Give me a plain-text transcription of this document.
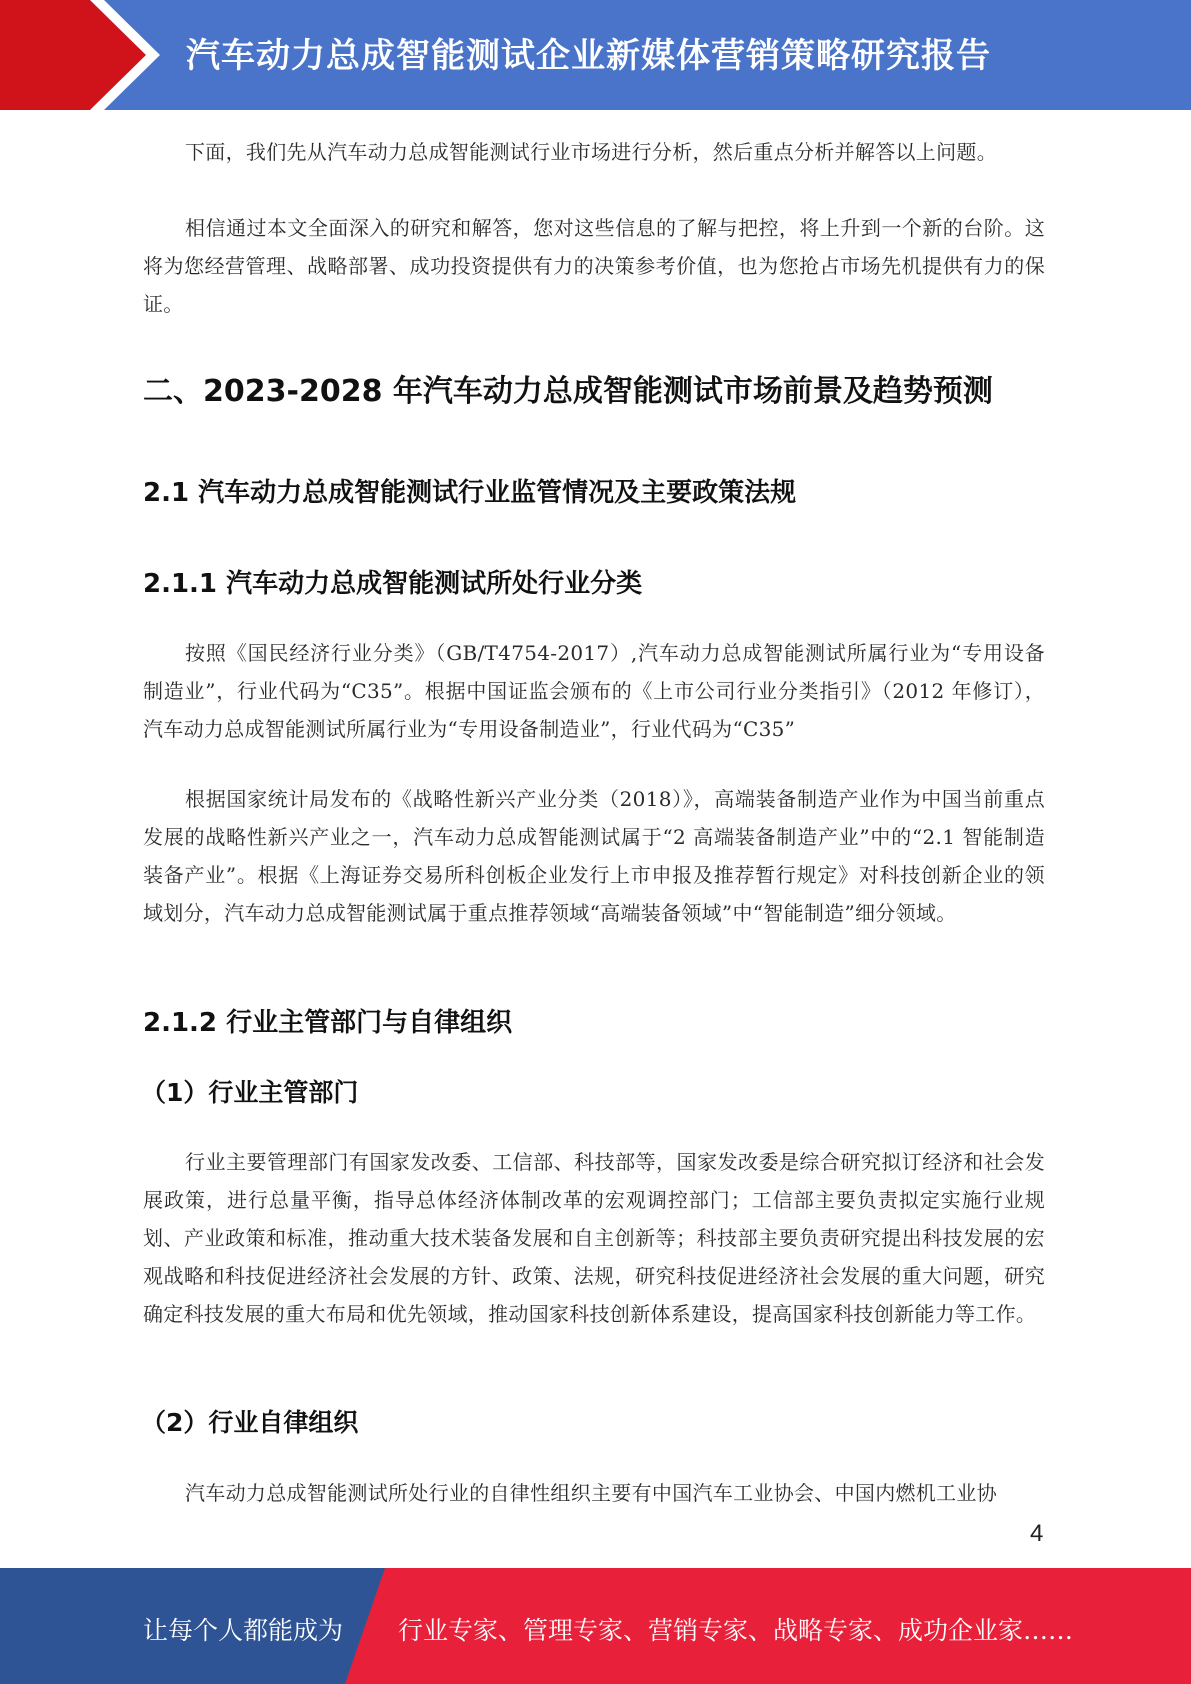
汽车动力总成智能测试企业新媒体营销策略研究报告
下面，我们先从汽车动力总成智能测试行业市场进行分析，然后重点分析并解答以上问题。
相信通过本文全面深入的研究和解答，您对这些信息的了解与把控，将上升到一个新的台阶。这将为您经营管理、战略部署、成功投资提供有力的决策参考价值，也为您抢占市场先机提供有力的保证。
二、2023-2028 年汽车动力总成智能测试市场前景及趋势预测
2.1 汽车动力总成智能测试行业监管情况及主要政策法规
2.1.1 汽车动力总成智能测试所处行业分类
按照《国民经济行业分类》（GB/T4754-2017）,汽车动力总成智能测试所属行业为“专用设备制造业”，行业代码为“C35”。根据中国证监会颁布的《上市公司行业分类指引》（2012 年修订），汽车动力总成智能测试所属行业为“专用设备制造业”，行业代码为“C35”
根据国家统计局发布的《战略性新兴产业分类（2018）》，高端装备制造产业作为中国当前重点发展的战略性新兴产业之一，汽车动力总成智能测试属于“2 高端装备制造产业”中的“2.1 智能制造装备产业”。根据《上海证券交易所科创板企业发行上市申报及推荐暂行规定》对科技创新企业的领域划分，汽车动力总成智能测试属于重点推荐领域“高端装备领域”中“智能制造”细分领域。
2.1.2 行业主管部门与自律组织
（1）行业主管部门
行业主要管理部门有国家发改委、工信部、科技部等，国家发改委是综合研究拟订经济和社会发展政策，进行总量平衡，指导总体经济体制改革的宏观调控部门；工信部主要负责拟定实施行业规划、产业政策和标准，推动重大技术装备发展和自主创新等；科技部主要负责研究提出科技发展的宏观战略和科技促进经济社会发展的方针、政策、法规，研究科技促进经济社会发展的重大问题，研究确定科技发展的重大布局和优先领域，推动国家科技创新体系建设，提高国家科技创新能力等工作。
（2）行业自律组织
汽车动力总成智能测试所处行业的自律性组织主要有中国汽车工业协会、中国内燃机工业协
4
让每个人都能成为 行业专家、管理专家、营销专家、战略专家、成功企业家……
